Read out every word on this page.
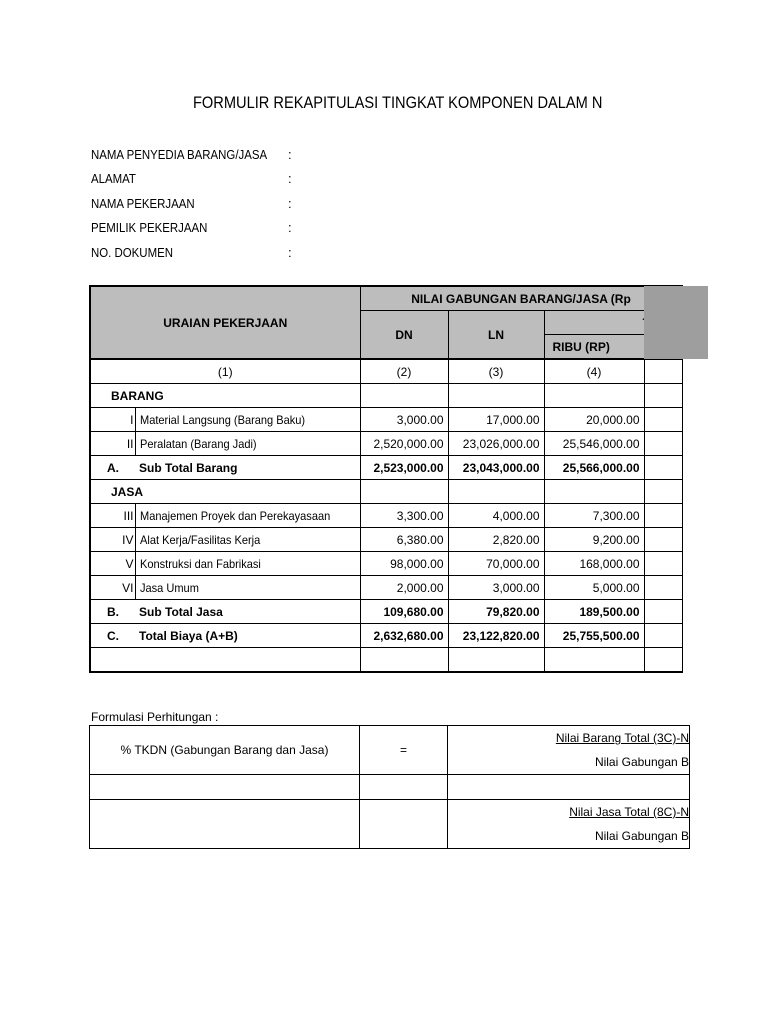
FORMULIR REKAPITULASI TINGKAT KOMPONEN DALAM N
NAMA PENYEDIA BARANG/JASA :
ALAMAT	:
NAMA PEKERJAAN	:
PEMILIK PEKERJAAN	:
NO. DOKUMEN	:
URAIAN PEKERJAAN		NILAI GABUNGAN BARANG/JASA (Rp			
		DN	LN	
				RIBU (RP)	
(1)		(2)	(3)	(4)	
BARANG					
I	Material Langsung (Barang Baku)	3,000.00	17,000.00	20,000.00	
II	Peralatan (Barang Jadi)	2,520,000.00	23,026,000.00	25,546,000.00	
A.	Sub Total Barang	2,523,000.00	23,043,000.00	25,566,000.00	
JASA					
III	Manajemen Proyek dan Perekayasaan	3,300.00	4,000.00	7,300.00	
IV	Alat Kerja/Fasilitas Kerja	6,380.00	2,820.00	9,200.00	
V	Konstruksi dan Fabrikasi	98,000.00	70,000.00	168,000.00	
VI	Jasa Umum	2,000.00	3,000.00	5,000.00	
B.	Sub Total Jasa	109,680.00	79,820.00	189,500.00	
C.	Total Biaya (A+B)	2,632,680.00	23,122,820.00	25,755,500.00	

Formulasi Perhitungan :
% TKDN (Gabungan Barang dan Jasa)	=	Nilai Barang Total (3C)-N
		Nilai Gabungan B

		Nilai Jasa Total (8C)-N
		Nilai Gabungan B
